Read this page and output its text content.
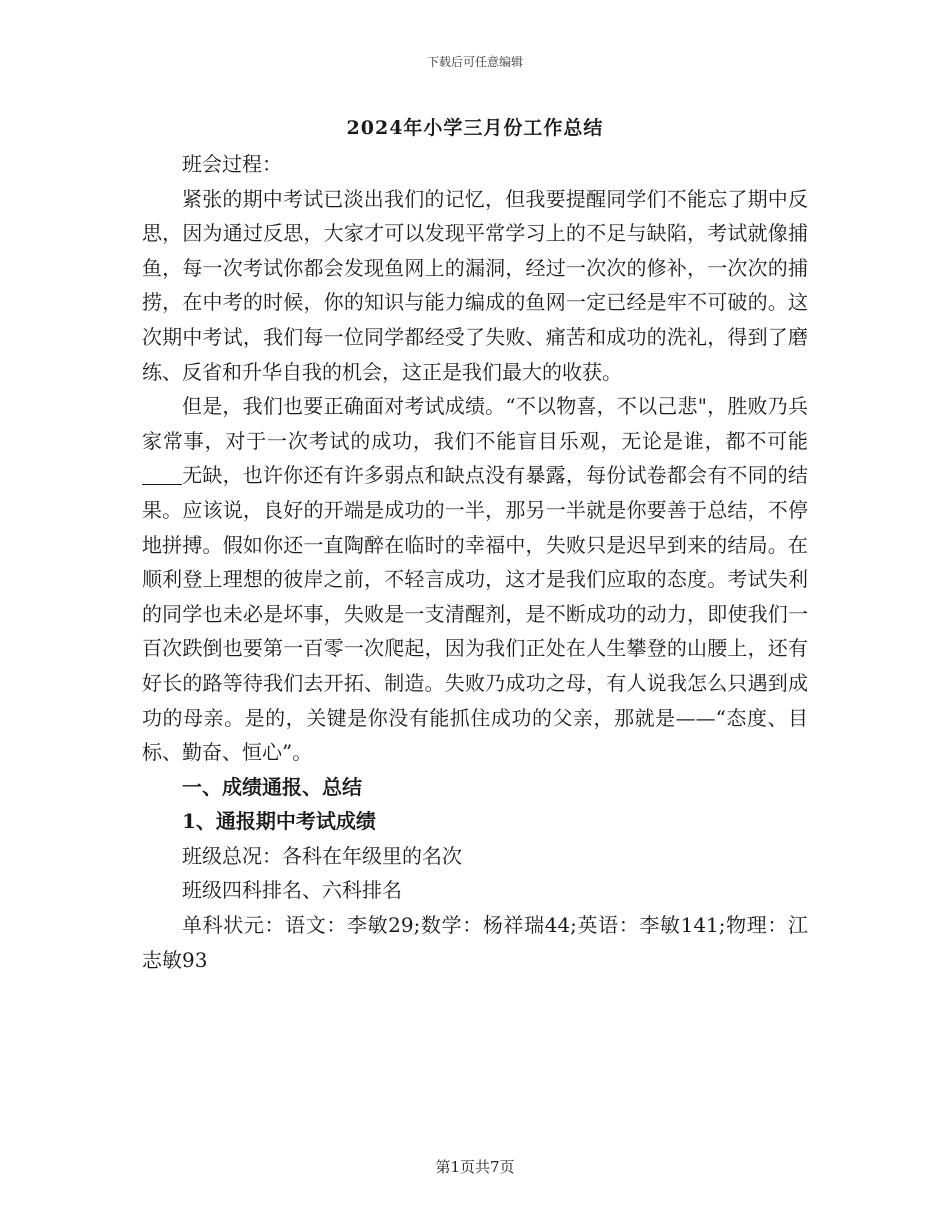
下载后可任意编辑
2024年小学三月份工作总结

班会过程：

紧张的期中考试已淡出我们的记忆，但我要提醒同学们不能忘了期中反思，因为通过反思，大家才可以发现平常学习上的不足与缺陷，考试就像捕鱼，每一次考试你都会发现鱼网上的漏洞，经过一次次的修补，一次次的捕捞，在中考的时候，你的知识与能力编成的鱼网一定已经是牢不可破的。这次期中考试，我们每一位同学都经受了失败、痛苦和成功的洗礼，得到了磨练、反省和升华自我的机会，这正是我们最大的收获。

但是，我们也要正确面对考试成绩。“不以物喜，不以己悲"，胜败乃兵家常事，对于一次考试的成功，我们不能盲目乐观，无论是谁，都不可能无缺，也许你还有许多弱点和缺点没有暴露，每份试卷都会有不同的结果。应该说，良好的开端是成功的一半，那另一半就是你要善于总结，不停地拼搏。假如你还一直陶醉在临时的幸福中，失败只是迟早到来的结局。在顺利登上理想的彼岸之前，不轻言成功，这才是我们应取的态度。考试失利的同学也未必是坏事，失败是一支清醒剂，是不断成功的动力，即使我们一百次跌倒也要第一百零一次爬起，因为我们正处在人生攀登的山腰上，还有好长的路等待我们去开拓、制造。失败乃成功之母，有人说我怎么只遇到成功的母亲。是的，关键是你没有能抓住成功的父亲，那就是——“态度、目标、勤奋、恒心”。

一、成绩通报、总结

1、通报期中考试成绩

班级总况：各科在年级里的名次

班级四科排名、六科排名

单科状元：语文：李敏29;数学：杨祥瑞44;英语：李敏141;物理：江志敏93

第1页共7页
